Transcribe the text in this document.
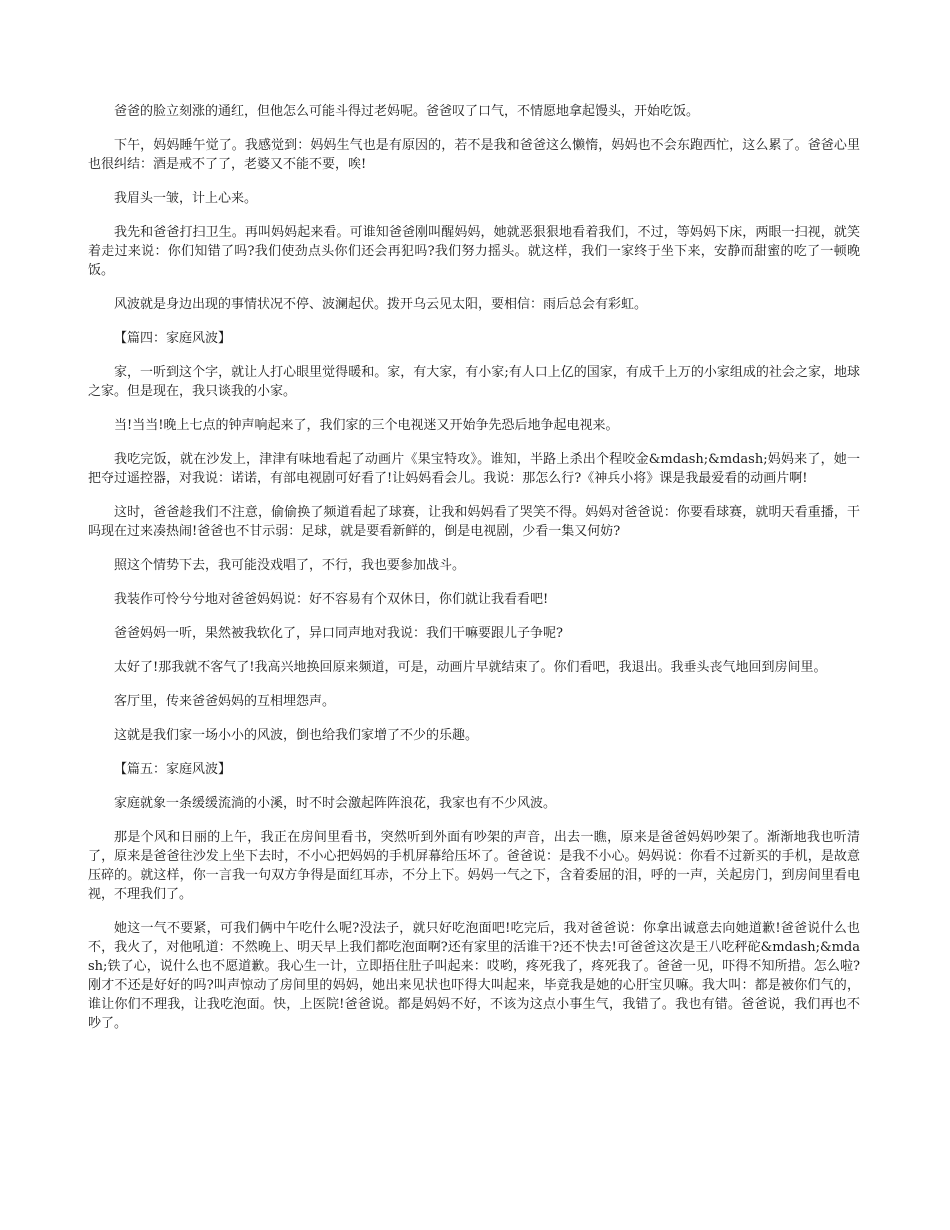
爸爸的脸立刻涨的通红，但他怎么可能斗得过老妈呢。爸爸叹了口气，不情愿地拿起馒头，开始吃饭。

下午，妈妈睡午觉了。我感觉到：妈妈生气也是有原因的，若不是我和爸爸这么懒惰，妈妈也不会东跑西忙，这么累了。爸爸心里也很纠结：酒是戒不了了，老婆又不能不要，唉!

我眉头一皱，计上心来。

我先和爸爸打扫卫生。再叫妈妈起来看。可谁知爸爸刚叫醒妈妈，她就恶狠狠地看着我们，不过，等妈妈下床，两眼一扫视，就笑着走过来说：你们知错了吗?我们使劲点头你们还会再犯吗?我们努力摇头。就这样，我们一家终于坐下来，安静而甜蜜的吃了一顿晚饭。

风波就是身边出现的事情状况不停、波澜起伏。拨开乌云见太阳，要相信：雨后总会有彩虹。

【篇四：家庭风波】

家，一听到这个字，就让人打心眼里觉得暖和。家，有大家，有小家;有人口上亿的国家，有成千上万的小家组成的社会之家，地球之家。但是现在，我只谈我的小家。

当!当当!晚上七点的钟声响起来了，我们家的三个电视迷又开始争先恐后地争起电视来。

我吃完饭，就在沙发上，津津有味地看起了动画片《果宝特攻》。谁知，半路上杀出个程咬金&mdash;&mdash;妈妈来了，她一把夺过遥控器，对我说：诺诺，有部电视剧可好看了!让妈妈看会儿。我说：那怎么行?《神兵小将》课是我最爱看的动画片啊!

这时，爸爸趁我们不注意，偷偷换了频道看起了球赛，让我和妈妈看了哭笑不得。妈妈对爸爸说：你要看球赛，就明天看重播，干吗现在过来凑热闹!爸爸也不甘示弱：足球，就是要看新鲜的，倒是电视剧，少看一集又何妨?

照这个情势下去，我可能没戏唱了，不行，我也要参加战斗。

我装作可怜兮兮地对爸爸妈妈说：好不容易有个双休日，你们就让我看看吧!

爸爸妈妈一听，果然被我软化了，异口同声地对我说：我们干嘛要跟儿子争呢?

太好了!那我就不客气了!我高兴地换回原来频道，可是，动画片早就结束了。你们看吧，我退出。我垂头丧气地回到房间里。

客厅里，传来爸爸妈妈的互相埋怨声。

这就是我们家一场小小的风波，倒也给我们家增了不少的乐趣。

【篇五：家庭风波】

家庭就象一条缓缓流淌的小溪，时不时会激起阵阵浪花，我家也有不少风波。

那是个风和日丽的上午，我正在房间里看书，突然听到外面有吵架的声音，出去一瞧，原来是爸爸妈妈吵架了。渐渐地我也听清了，原来是爸爸往沙发上坐下去时，不小心把妈妈的手机屏幕给压坏了。爸爸说：是我不小心。妈妈说：你看不过新买的手机，是故意压碎的。就这样，你一言我一句双方争得是面红耳赤，不分上下。妈妈一气之下，含着委屈的泪，呼的一声，关起房门，到房间里看电视，不理我们了。

她这一气不要紧，可我们俩中午吃什么呢?没法子，就只好吃泡面吧!吃完后，我对爸爸说：你拿出诚意去向她道歉!爸爸说什么也不，我火了，对他吼道：不然晚上、明天早上我们都吃泡面啊?还有家里的活谁干?还不快去!可爸爸这次是王八吃秤砣&mdash;&mdash;铁了心，说什么也不愿道歉。我心生一计，立即捂住肚子叫起来：哎哟，疼死我了，疼死我了。爸爸一见，吓得不知所措。怎么啦?刚才不还是好好的吗?叫声惊动了房间里的妈妈，她出来见状也吓得大叫起来，毕竟我是她的心肝宝贝嘛。我大叫：都是被你们气的，谁让你们不理我，让我吃泡面。快，上医院!爸爸说。都是妈妈不好，不该为这点小事生气，我错了。我也有错。爸爸说，我们再也不吵了。
